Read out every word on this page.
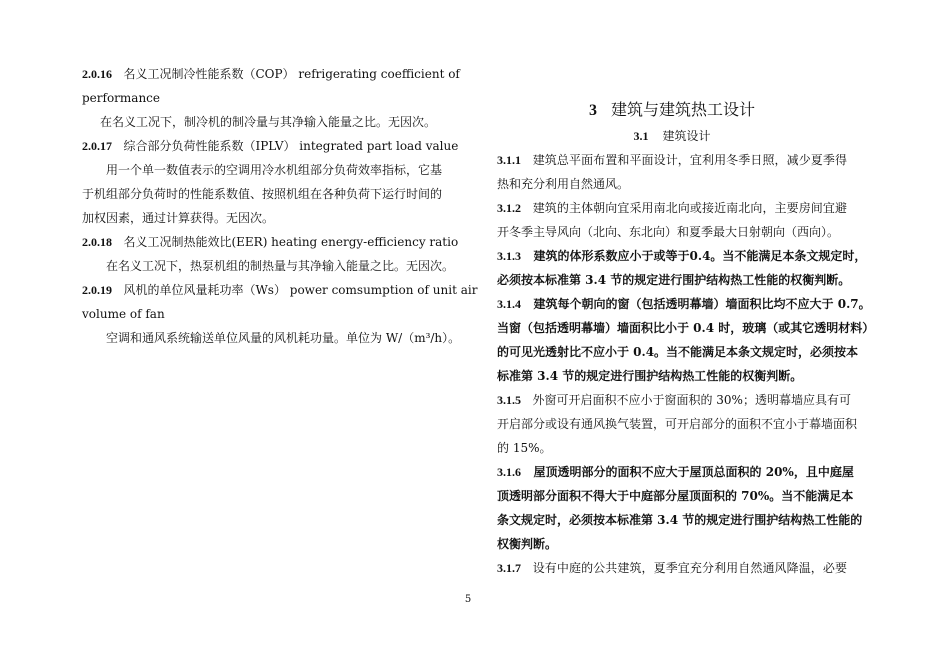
2.0.16 名义工况制冷性能系数（COP） refrigerating coefficient of
performance
在名义工况下，制冷机的制冷量与其净输入能量之比。无因次。
2.0.17 综合部分负荷性能系数（IPLV） integrated part load value
用一个单一数值表示的空调用冷水机组部分负荷效率指标，它基
于机组部分负荷时的性能系数值、按照机组在各种负荷下运行时间的
加权因素，通过计算获得。无因次。
2.0.18 名义工况制热能效比(EER) heating energy-efficiency ratio
在名义工况下，热泵机组的制热量与其净输入能量之比。无因次。
2.0.19 风机的单位风量耗功率（Ws） power comsumption of unit air
volume of fan
空调和通风系统输送单位风量的风机耗功量。单位为 W/（m³/h）。
3 建筑与建筑热工设计
3.1 建筑设计
3.1.1 建筑总平面布置和平面设计，宜利用冬季日照，减少夏季得
热和充分利用自然通风。
3.1.2 建筑的主体朝向宜采用南北向或接近南北向，主要房间宜避
开冬季主导风向（北向、东北向）和夏季最大日射朝向（西向）。
3.1.3 建筑的体形系数应小于或等于0.4。当不能满足本条文规定时，
必须按本标准第 3.4 节的规定进行围护结构热工性能的权衡判断。
3.1.4 建筑每个朝向的窗（包括透明幕墙）墙面积比均不应大于 0.7。
当窗（包括透明幕墙）墙面积比小于 0.4 时，玻璃（或其它透明材料）
的可见光透射比不应小于 0.4。当不能满足本条文规定时，必须按本
标准第 3.4 节的规定进行围护结构热工性能的权衡判断。
3.1.5 外窗可开启面积不应小于窗面积的 30%；透明幕墙应具有可
开启部分或设有通风换气装置，可开启部分的面积不宜小于幕墙面积
的 15%。
3.1.6 屋顶透明部分的面积不应大于屋顶总面积的 20%，且中庭屋
顶透明部分面积不得大于中庭部分屋顶面积的 70%。当不能满足本
条文规定时，必须按本标准第 3.4 节的规定进行围护结构热工性能的
权衡判断。
3.1.7 设有中庭的公共建筑，夏季宜充分利用自然通风降温，必要
5
